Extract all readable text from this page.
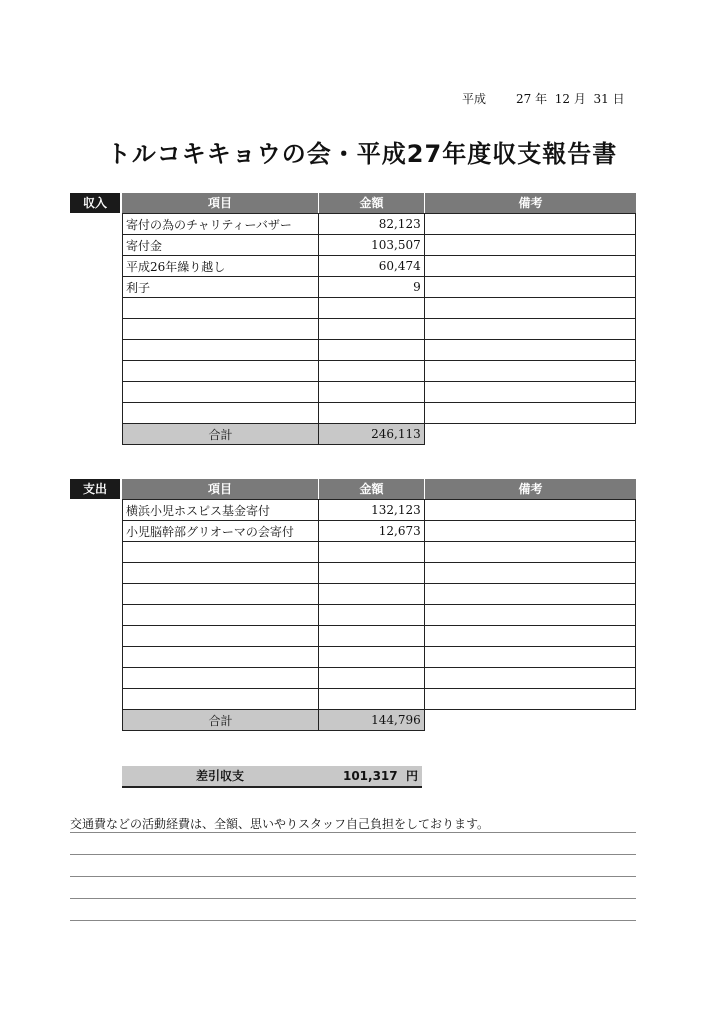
平成	27 年 12 月 31 日
トルコキキョウの会・平成27年度収支報告書
収入	項目	金額	備考
寄付の為のチャリティーバザー	82,123	
寄付金	103,507	
平成26年繰り越し	60,474	
利子	9	

合計	246,113	
支出	項目	金額	備考
横浜小児ホスピス基金寄付	132,123	
小児脳幹部グリオーマの会寄付	12,673	

合計	144,796	
差引収支	101,317 円
交通費などの活動経費は、全額、思いやりスタッフ自己負担をしております。
